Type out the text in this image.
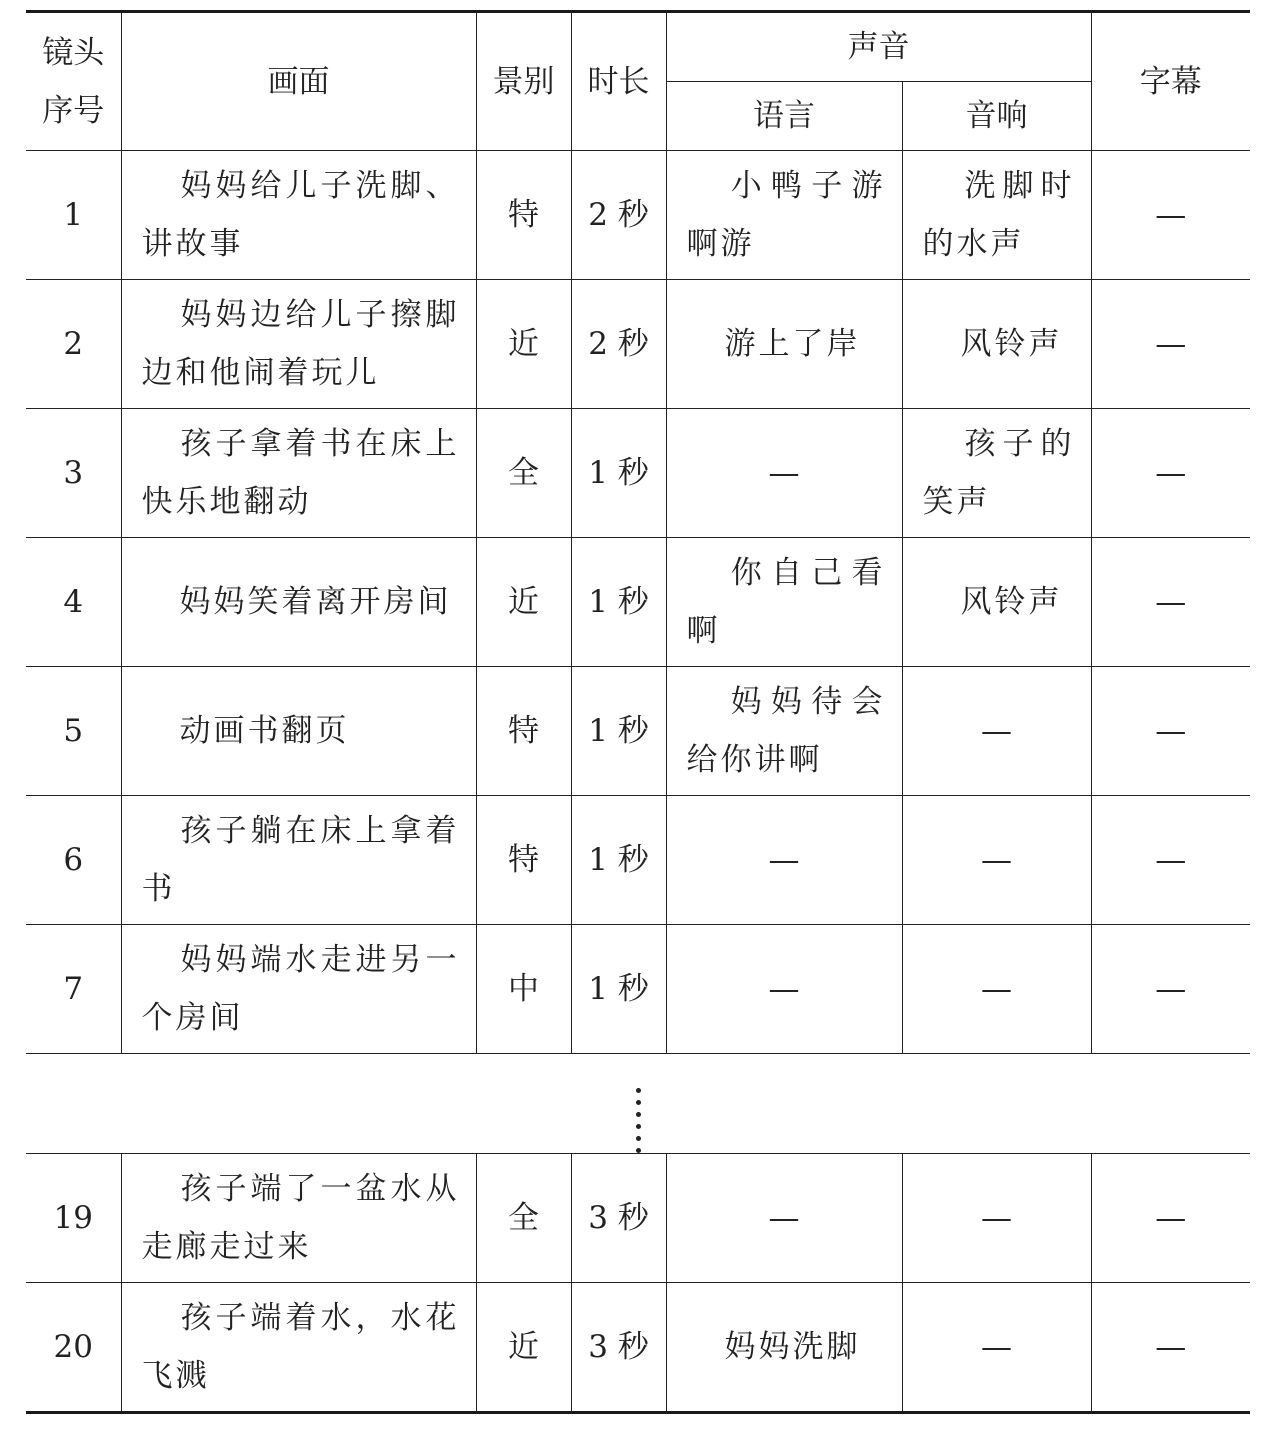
镜头
序号	画面	景别	时长	声音		字幕
				语言	音响	
1	妈妈给儿子洗脚、讲故事	特	2 秒	小鸭子游啊游	洗脚时的水声	—
2	妈妈边给儿子擦脚边和他闹着玩儿	近	2 秒	游上了岸	风铃声	—
3	孩子拿着书在床上快乐地翻动	全	1 秒	—	孩子的笑声	—
4	妈妈笑着离开房间	近	1 秒	你自己看啊	风铃声	—
5	动画书翻页	特	1 秒	妈妈待会给你讲啊	—	—
6	孩子躺在床上拿着书	特	1 秒	—	—	—
7	妈妈端水走进另一个房间	中	1 秒	—	—	—

19	孩子端了一盆水从走廊走过来	全	3 秒	—	—	—
20	孩子端着水，水花飞溅	近	3 秒	妈妈洗脚	—	—
